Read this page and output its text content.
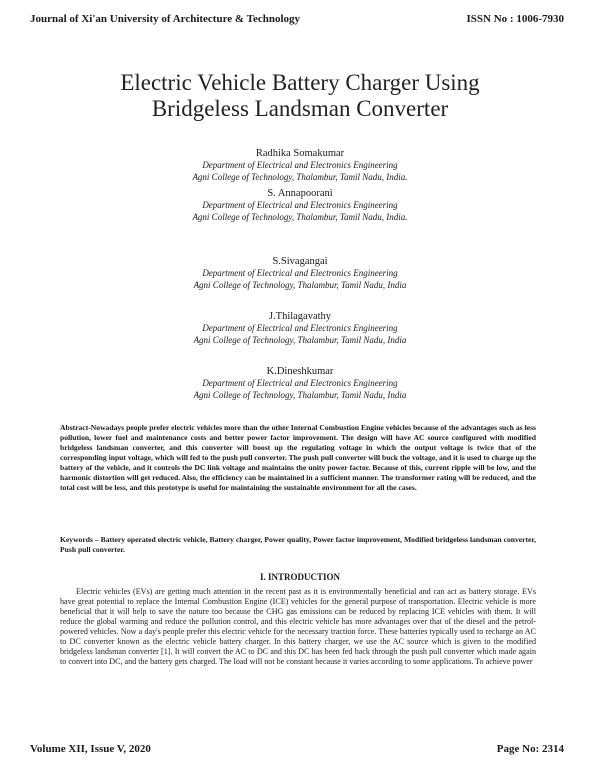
Journal of Xi'an University of Architecture & Technology	ISSN No : 1006-7930
Electric Vehicle Battery Charger Using
Bridgeless Landsman Converter
Radhika Somakumar
Department of Electrical and Electronics Engineering
Agni College of Technology, Thalambur, Tamil Nadu, India.
S. Annapoorani
Department of Electrical and Electronics Engineering
Agni College of Technology, Thalambur, Tamil Nadu, India.
S.Sivagangai
Department of Electrical and Electronics Engineering
Agni College of Technology, Thalambur, Tamil Nadu, India
J.Thilagavathy
Department of Electrical and Electronics Engineering
Agni College of Technology, Thalambur, Tamil Nadu, India
K.Dineshkumar
Department of Electrical and Electronics Engineering
Agni College of Technology, Thalambur, Tamil Nadu, India
Abstract-Nowadays people prefer electric vehicles more than the other Internal Combustion Engine vehicles because of the advantages such as less pollution, lower fuel and maintenance costs and better power factor improvement. The design will have AC source configured with modified bridgeless landsman converter, and this converter will boost up the regulating voltage in which the output voltage is twice that of the corresponding input voltage, which will fed to the push pull converter. The push pull converter will buck the voltage, and it is used to charge up the battery of the vehicle, and it controls the DC link voltage and maintains the unity power factor. Because of this, current ripple will be low, and the harmonic distortion will get reduced. Also, the efficiency can be maintained in a sufficient manner. The transformer rating will be reduced, and the total cost will be less, and this prototype is useful for maintaining the sustainable environment for all the cases.
Keywords – Battery operated electric vehicle, Battery charger, Power quality, Power factor improvement, Modified bridgeless landsman converter, Push pull converter.
I. INTRODUCTION
Electric vehicles (EVs) are getting much attention in the recent past as it is environmentally beneficial and can act as battery storage. EVs have great potential to replace the Internal Combustion Engine (ICE) vehicles for the general purpose of transportation. Electric vehicle is more beneficial that it will help to save the nature too because the CHG gas emissions can be reduced by replacing ICE vehicles with them. It will reduce the global warming and reduce the pollution control, and this electric vehicle has more advantages over that of the diesel and the petrol-powered vehicles. Now a day's people prefer this electric vehicle for the necessary traction force. These batteries typically used to recharge an AC to DC converter known as the electric vehicle battery charger. In this battery charger, we use the AC source which is given to the modified bridgeless landsman converter [1]. It will convert the AC to DC and this DC has been fed back through the push pull converter which made again to convert into DC, and the battery gets charged. The load will not be constant because it varies according to some applications. To achieve power
Volume XII, Issue V, 2020	Page No: 2314
